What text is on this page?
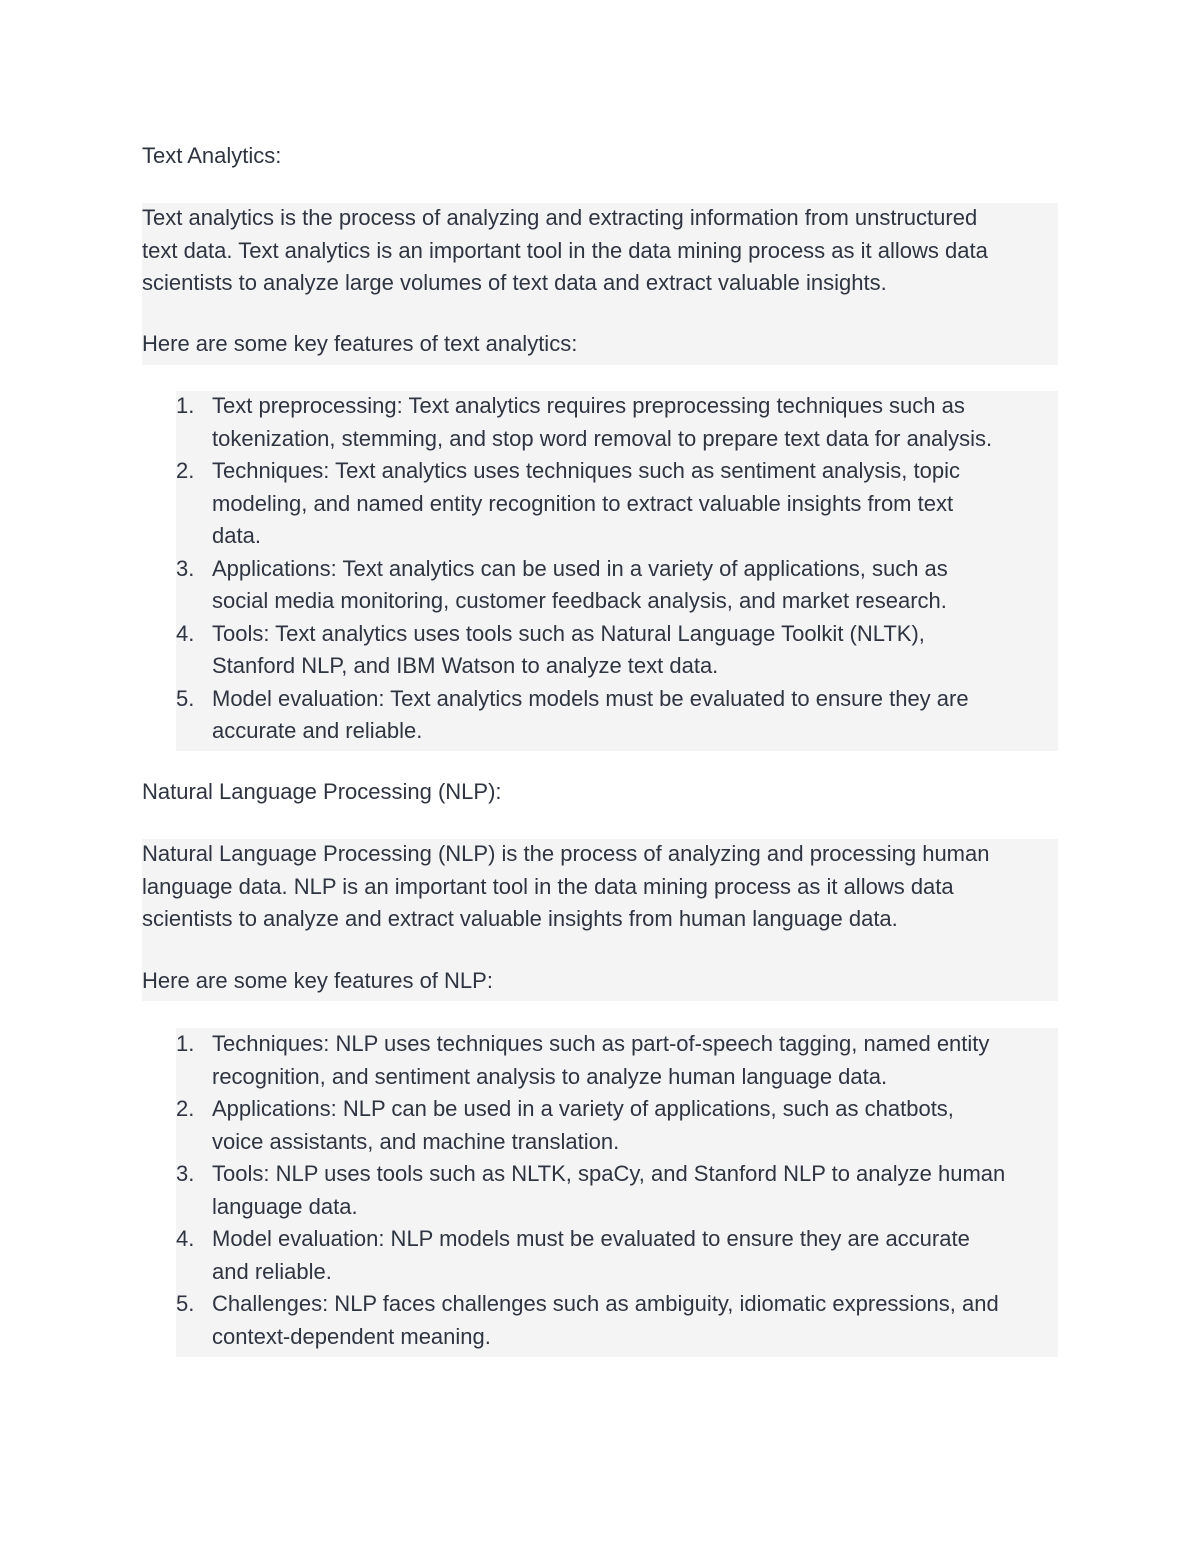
Text Analytics:
Text analytics is the process of analyzing and extracting information from unstructured
text data. Text analytics is an important tool in the data mining process as it allows data
scientists to analyze large volumes of text data and extract valuable insights.
Here are some key features of text analytics:
1. Text preprocessing: Text analytics requires preprocessing techniques such as
tokenization, stemming, and stop word removal to prepare text data for analysis.
2. Techniques: Text analytics uses techniques such as sentiment analysis, topic
modeling, and named entity recognition to extract valuable insights from text
data.
3. Applications: Text analytics can be used in a variety of applications, such as
social media monitoring, customer feedback analysis, and market research.
4. Tools: Text analytics uses tools such as Natural Language Toolkit (NLTK),
Stanford NLP, and IBM Watson to analyze text data.
5. Model evaluation: Text analytics models must be evaluated to ensure they are
accurate and reliable.
Natural Language Processing (NLP):
Natural Language Processing (NLP) is the process of analyzing and processing human
language data. NLP is an important tool in the data mining process as it allows data
scientists to analyze and extract valuable insights from human language data.
Here are some key features of NLP:
1. Techniques: NLP uses techniques such as part-of-speech tagging, named entity
recognition, and sentiment analysis to analyze human language data.
2. Applications: NLP can be used in a variety of applications, such as chatbots,
voice assistants, and machine translation.
3. Tools: NLP uses tools such as NLTK, spaCy, and Stanford NLP to analyze human
language data.
4. Model evaluation: NLP models must be evaluated to ensure they are accurate
and reliable.
5. Challenges: NLP faces challenges such as ambiguity, idiomatic expressions, and
context-dependent meaning.
